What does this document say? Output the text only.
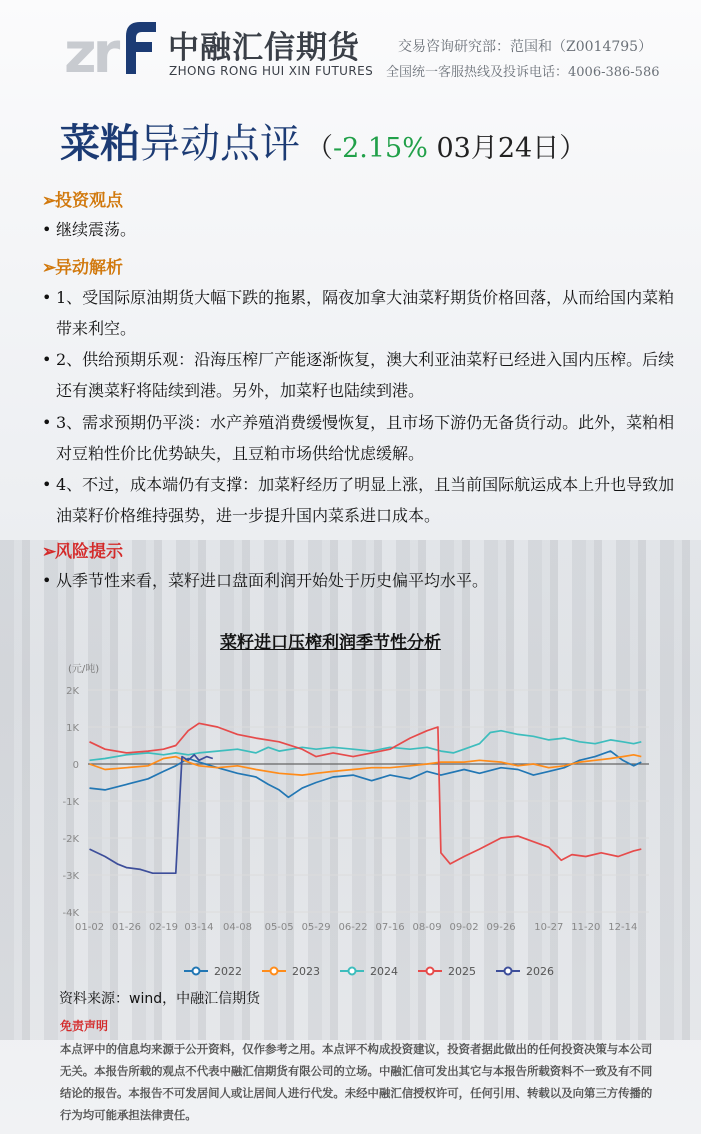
zr 中融汇信期货
ZHONG RONG HUI XIN FUTURES
交易咨询研究部：范国和（Z0014795）
全国统一客服热线及投诉电话：4006-386-586
菜粕异动点评 （-2.15% 03月24日）
➢投资观点
• 继续震荡。
➢异动解析
• 1、受国际原油期货大幅下跌的拖累，隔夜加拿大油菜籽期货价格回落，从而给国内菜粕带来利空。
• 2、供给预期乐观：沿海压榨厂产能逐渐恢复，澳大利亚油菜籽已经进入国内压榨。后续还有澳菜籽将陆续到港。另外，加菜籽也陆续到港。
• 3、需求预期仍平淡：水产养殖消费缓慢恢复，且市场下游仍无备货行动。此外，菜粕相对豆粕性价比优势缺失，且豆粕市场供给忧虑缓解。
• 4、不过，成本端仍有支撑：加菜籽经历了明显上涨，且当前国际航运成本上升也导致加油菜籽价格维持强势，进一步提升国内菜系进口成本。
➢风险提示
• 从季节性来看，菜籽进口盘面利润开始处于历史偏平均水平。
菜籽进口压榨利润季节性分析
(元/吨)
2K
1K
0
-1K
-2K
-3K
-4K
01-02 01-26 02-19 03-14 04-08 05-05 05-29 06-22 07-16 08-09 09-02 09-26 10-27 11-20 12-14
2022	2023	2024	2025	2026
资料来源：wind，中融汇信期货
免责声明
本点评中的信息均来源于公开资料，仅作参考之用。本点评不构成投资建议，投资者据此做出的任何投资决策与本公司无关。本报告所载的观点不代表中融汇信期货有限公司的立场。中融汇信可发出其它与本报告所载资料不一致及有不同结论的报告。本报告不可发居间人或让居间人进行代发。未经中融汇信授权许可，任何引用、转载以及向第三方传播的行为均可能承担法律责任。
